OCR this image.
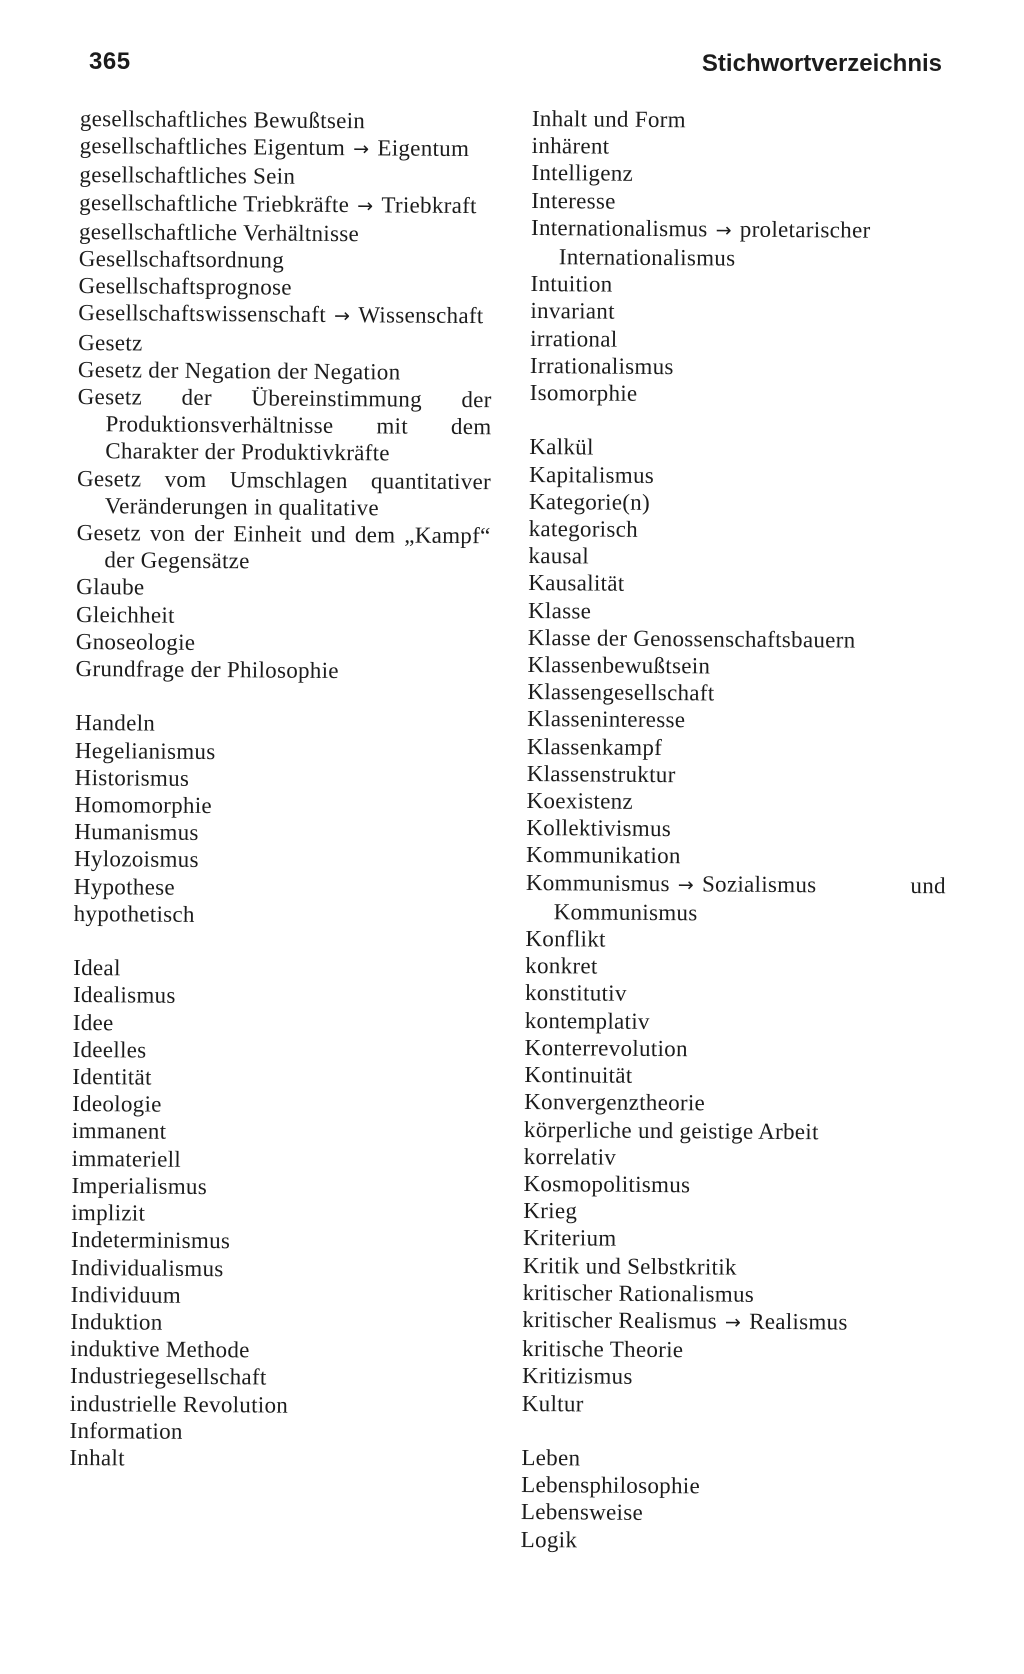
365	Stichwortverzeichnis

gesellschaftliches Bewußtsein
gesellschaftliches Eigentum → Eigentum
gesellschaftliches Sein
gesellschaftliche Triebkräfte → Triebkraft
gesellschaftliche Verhältnisse
Gesellschaftsordnung
Gesellschaftsprognose
Gesellschaftswissenschaft → Wissenschaft
Gesetz
Gesetz der Negation der Negation
Gesetz der Übereinstimmung der Produktionsverhältnisse mit dem Charakter der Produktivkräfte
Gesetz vom Umschlagen quantitativer Veränderungen in qualitative
Gesetz von der Einheit und dem „Kampf“ der Gegensätze
Glaube
Gleichheit
Gnoseologie
Grundfrage der Philosophie
Handeln
Hegelianismus
Historismus
Homomorphie
Humanismus
Hylozoismus
Hypothese
hypothetisch
Ideal
Idealismus
Idee
Ideelles
Identität
Ideologie
immanent
immateriell
Imperialismus
implizit
Indeterminismus
Individualismus
Individuum
Induktion
induktive Methode
Industriegesellschaft
industrielle Revolution
Information
Inhalt
Inhalt und Form
inhärent
Intelligenz
Interesse
Internationalismus → proletarischer Internationalismus
Intuition
invariant
irrational
Irrationalismus
Isomorphie
Kalkül
Kapitalismus
Kategorie(n)
kategorisch
kausal
Kausalität
Klasse
Klasse der Genossenschaftsbauern
Klassenbewußtsein
Klassengesellschaft
Klasseninteresse
Klassenkampf
Klassenstruktur
Koexistenz
Kollektivismus
Kommunikation
Kommunismus → Sozialismus und Kommunismus
Konflikt
konkret
konstitutiv
kontemplativ
Konterrevolution
Kontinuität
Konvergenztheorie
körperliche und geistige Arbeit
korrelativ
Kosmopolitismus
Krieg
Kriterium
Kritik und Selbstkritik
kritischer Rationalismus
kritischer Realismus → Realismus
kritische Theorie
Kritizismus
Kultur
Leben
Lebensphilosophie
Lebensweise
Logik
